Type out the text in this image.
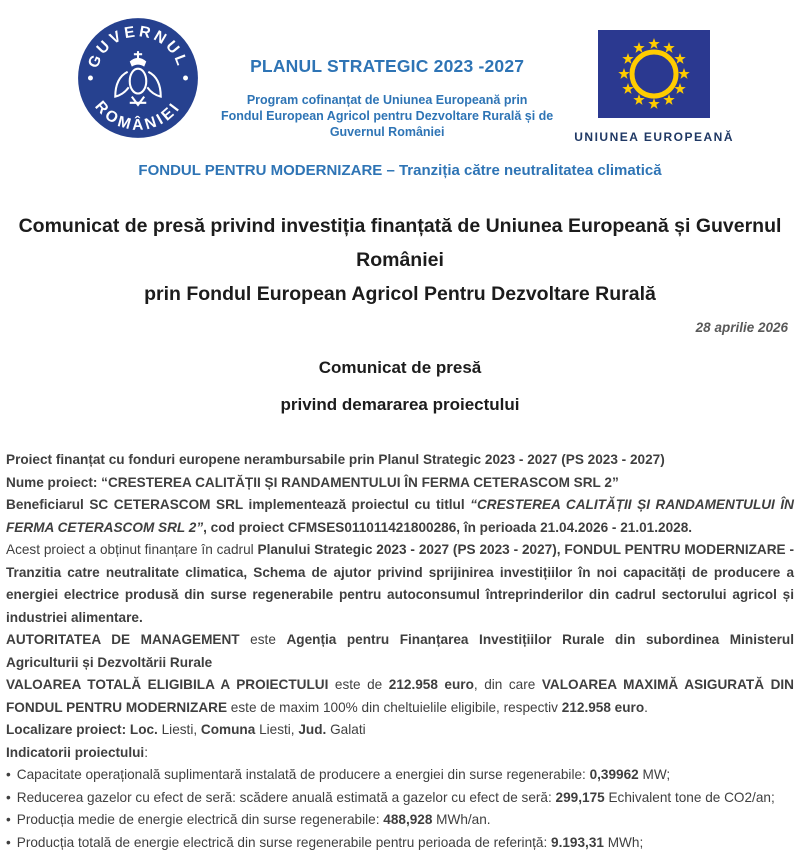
GUVERNUL
ROMÂNIEI
PLANUL STRATEGIC 2023 -2027
Program cofinanțat de Uniunea Europeană prin
Fondul European Agricol pentru Dezvoltare Rurală și de Guvernul României	UNIUNEA EUROPEANĂ
FONDUL PENTRU MODERNIZARE – Tranziția către neutralitatea climatică
Comunicat de presă privind investiția finanțată de Uniunea Europeană și Guvernul României
prin Fondul European Agricol Pentru Dezvoltare Rurală
28 aprilie 2026
Comunicat de presă
privind demararea proiectului

Proiect finanțat cu fonduri europene nerambursabile prin Planul Strategic 2023 - 2027 (PS 2023 - 2027)

Nume proiect: “CRESTEREA CALITĂȚII ȘI RANDAMENTULUI ÎN FERMA CETERASCOM SRL 2”

Beneficiarul SC CETERASCOM SRL implementează proiectul cu titlul “CRESTEREA CALITĂȚII ȘI RANDAMENTULUI ÎN FERMA CETERASCOM SRL 2”, cod proiect CFMSES011011421800286, în perioada 21.04.2026 - 21.01.2028.

Acest proiect a obținut finanțare în cadrul Planului Strategic 2023 - 2027 (PS 2023 - 2027), FONDUL PENTRU MODERNIZARE - Tranzitia catre neutralitate climatica, Schema de ajutor privind sprijinirea investițiilor în noi capacități de producere a energiei electrice produsă din surse regenerabile pentru autoconsumul întreprinderilor din cadrul sectorului agricol și industriei alimentare.

AUTORITATEA DE MANAGEMENT este Agenția pentru Finanțarea Investițiilor Rurale din subordinea Ministerul Agriculturii și Dezvoltării Rurale

VALOAREA TOTALĂ ELIGIBILA A PROIECTULUI este de 212.958 euro, din care VALOAREA MAXIMĂ ASIGURATĂ DIN FONDUL PENTRU MODERNIZARE este de maxim 100% din cheltuielile eligibile, respectiv 212.958 euro.

Localizare proiect: Loc. Liesti, Comuna Liesti, Jud. Galati

Indicatorii proiectului:

• Capacitate operațională suplimentară instalată de producere a energiei din surse regenerabile: 0,39962 MW;

• Reducerea gazelor cu efect de seră: scădere anuală estimată a gazelor cu efect de seră: 299,175 Echivalent tone de CO2/an;

• Producția medie de energie electrică din surse regenerabile: 488,928 MWh/an.

• Producția totală de energie electrică din surse regenerabile pentru perioada de referință: 9.193,31 MWh;
